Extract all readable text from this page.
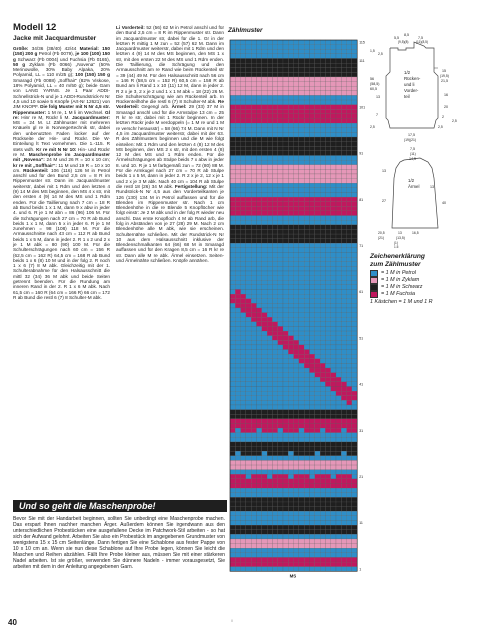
Modell 12
Jacke mit Jacquardmuster

Größe: 34/36 (38/40) 42/44 Material: 150 (150) 200 g Petrol (Fb 0079), je 100 (100) 150 g Schwarz (Fb 0004) und Fuchsia (Fb 0165), 50 g Zyklam (Fb 0066) „Novena“ (50% Merinowolle, 30% Baby Alpaka, 20% Polyamid, LL = 110 m/25 g); 100 (150) 150 g Smaragd (Fb 0088) „Soffhair“ (82% Viskose, 18% Polyamid, LL = 40 m/50 g); beide Garn von LANG YARNS. Je 1 Paar ADDI-Schnellstrick-N und je 1 ADDI-Rundstrick-N Nr 4,5 und 10 sowie 5 Knöpfe (Art-Nr 12621) von JIM KNOPF. Die folg Muster mit N Nr 4,5 str. Rippenmuster: 1 M re, 1 M li im Wechsel. Gl re: Hinr re M, Rückr li M. Jacquardmuster: MS = 24 M. Lt Zählmuster mit mehreren Knäueln gl re in Norwegertechnik str, dabei den unbenutzten Faden locker auf der Rückseite der Hin- und Rückr. Die W-Einteilung lt Text vornehmen. Die 1.-115. R stets wdh. Kr re mit N Nr 10: Hin- und Rückr re M. Maschenprobe im Jacquardmuster mit „Novena“: 24 M und 26 R = 10 x 10 cm; kr re mit „Soffhair“: 11 M und 19 R = 10 x 10 cm. Rückenteil: 106 (116) 126 M in Petrol anschl und für den Bund 2,5 cm = 8 R im Rippenmuster str. Dann im Jacquardmuster weiterstr, dabei mit 1 Rdm und den letzten 4 (9) 14 M des MS beginnen, den MS 4 x str, mit den ersten 4 (9) 14 M des MS und 1 Rdm enden. Für die Taillierung nach 7 cm = 18 R ab Bund beids 1 x 1 M, dann 9 x abw in jeder 4. und 6. R je 1 M abn = 86 (96) 106 M. Für die Schrägungen nach 27 cm = 70 R ab Bund beids 1 x 1 M, dann 5 x in jeder 6. R je 1 M zunehmen = 98 (108) 118 M. Für die Armausschnitte nach 43 cm = 112 R ab Bund beids 1 x 5 M, dann in jeder 2. R 1 x 2 und 2 x je 1 M abk = 80 (90) 100 M. Für die Schulterschrägungen nach 60 cm = 156 R (62,5 cm = 162 R) 64,5 cm = 168 R ab Bund beids 1 x 6 (8) 10 M und in der folg 2. R noch 1 x 6 (7) 8 M abk. Gleichzeitig mit der 1. Schulterabnahme für den Halsausschnitt die mittl 32 (34) 36 M abk und beide Seiten getrennt beenden. Für die Rundung am inneren Rand in der 2. R 1 x 6 M abk. Nach 61,5 cm = 160 R (64 cm = 166 R) 66 cm = 172 R ab Bund die restl 6 (7) 8 Schulter-M abk.

Li Vorderteil: 52 (56) 62 M in Petrol anschl und für den Bund 2,5 cm = 8 R im Rippenmuster str. Dann im Jacquardmuster str, dabei für die 1. Gr in der letzten R mittig 1 M zun = 52 (57) 62 M. Dann im Jacquardmuster weiterstr, dabei mit 1 Rdm und den letzten 4 (9) 14 M des MS beginnen, den MS 1 x str, mit den ersten 22 M des MS und 1 Rdm enden. Die Taillierung, die Schrägung und den Armausschnitt am re Rand wie beim Rückenteil str = 39 (44) 49 M. Für den Halsausschnitt nach 56 cm = 146 R (58,5 cm = 152 R) 60,5 cm = 158 R ab Bund am li Rand 1 x 10 (11) 12 M, dann in jeder 2. R 2 x je 3, 2 x je 2 und 1 x 1 M abk = 18 (22) 26 M. Die Schulterschrägung wie am Rückenteil arb. In Rückenteilhöhe die restl 6 (7) 8 Schulter-M abk. Re Vorderteil: Gegengl arb. Ärmel: 29 (33) 37 M in Smaragd anschl und für die Armstulpe 13 cm = 25 R kr re str, dabei mit 1 Rückr beginnen. In der letzten Rückr jede M verdoppeln (= 1 M re und 1 M re verschr herausstr) = 58 (66) 74 M. Dann mit N Nr 4,5 im Jacquardmuster weiterstr, dabei mit der 63. R des Zählmusters beginnen und die M wie folgt einteilen: Mit 1 Rdm und den letzten 4 (8) 12 M des MS beginnen, den MS 2 x str, mit den ersten 4 (8) 12 M des MS und 1 Rdm enden. Für die Ärmelschrägungen ab Stulpe beids 7 x abw in jeder 8. und 10. R je 1 M farbgemäß zun = 72 (80) 88 M. Für die Armkugel nach 27 cm = 70 R ab Stulpe beids 1 x 5 M, dann in jeder 2. R 2 x je 2, 12 x je 1 und 2 x je 3 M abk. Nach 40 cm = 104 R ab Stulpe die restl 18 (26) 34 M abk. Fertigstellung: Mit der Rundstrick-N Nr 4,5 aus den Vorderteilkanten je 126 (130) 134 M in Petrol auffassen und für die Blenden im Rippenmuster str. Nach 1 cm Blendenhöhe in die re Blende 5 Knopflöcher wie folgt einstr: Je 2 M abk und in der folg R wieder neu anschl. Das erste Knopfloch 4 M ab Rand arb, die folg in Abständen von je 27 (28) 29 M. Nach 2 cm Blendenhöhe alle M abk, wie sie erscheinen. Schulternähte schließen. Mit der Rundstrick-N Nr 10 aus dem Halsausschnitt inklusive der Blendenschmalkanten 64 (66) 68 M in Smaragd auffassen und für den Kragen 8,5 cm = 16 R kr re str. Dann alle M re abk. Ärmel einsetzen. Seiten- und Ärmelnähte schließen. Knöpfe annähen.

Zählmuster

115
111
101
91
81
71
61
51
41
31
21
11
1
MS
1/2
Rücken-
und li
Vorder-
teil
5,5
8,5
7,5
(9,5)(8) (11)(8,5)
1,5
2,5
56
(58,5)
60,5
15
(19,5)
21,5
16
20
13
2
17,5
(19)(21)
2,5
7
2,5
2,5
7,5
(11)
14,5
1/2
Ärmel	13
27
13
40
20,5
(21)
13
(13,5)
16,5
(1)
1,5

Zeichenerklärung

zum Zählmuster

= 1 M in Petrol
= 1 M in Zyklam
= 1 M in Schwarz
= 1 M Fuchsia
1 Kästchen = 1 M und 1 R
Und so geht die Maschenprobe!

Bevor Sie mit der Handarbeit beginnen, sollten Sie unbedingt eine Maschenprobe machen. Das erspart Ihnen nachher manchen Ärger. Außerdem können Sie irgendwann aus den unterschiedlichen Probestücken eine ausgefallene Decke im Patchwork-Stil arbeiten - so hat sich der Aufwand gelohnt. Arbeiten Sie also ein Probestück im angegebenen Grundmuster von wenigstens 15 x 15 cm Seitenlänge. Dann fertigen Sie eine Schablone aus fester Pappe von 10 x 10 cm an. Wenn sie nun diese Schablone auf Ihre Probe legen, können Sie leicht die Maschen und Reihen abzählen. Fällt Ihre Probe kleiner aus, müssen Sie mit einer stärkeren Nadel arbeiten. Ist sie größer, verwenden Sie dünnere Nadeln - immer vorausgesetzt, Sie arbeiten mit dem in der Anleitung angegebenen Garn.

40	II
